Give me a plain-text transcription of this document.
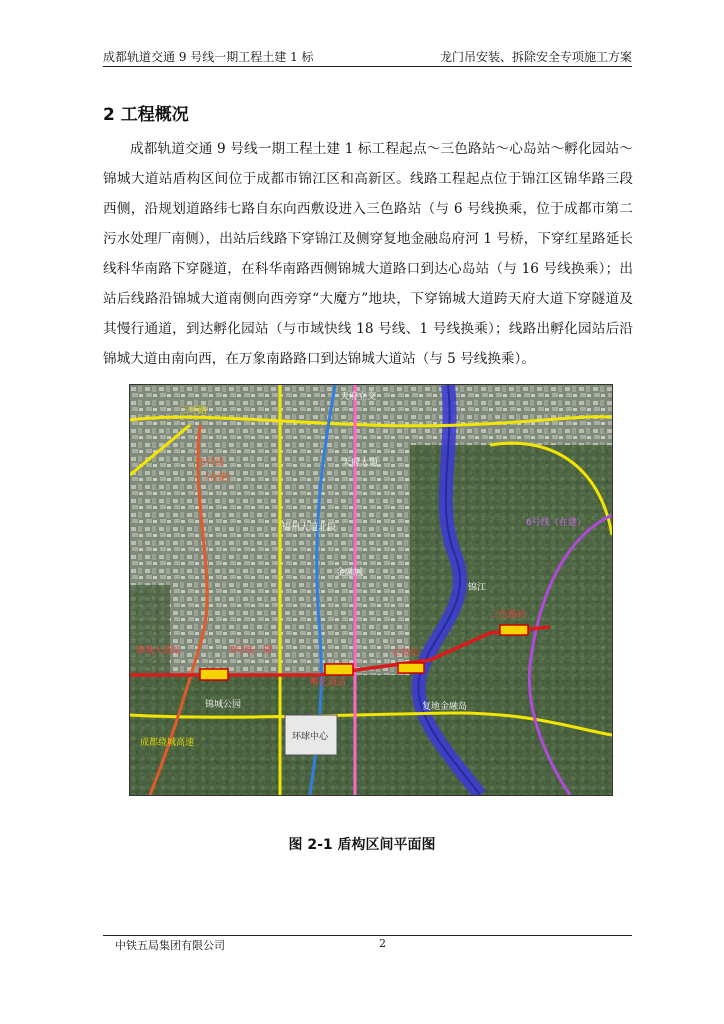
成都轨道交通 9 号线一期工程土建 1 标	龙门吊安装、拆除安全专项施工方案
2 工程概况
成都轨道交通 9 号线一期工程土建 1 标工程起点～三色路站～心岛站～孵化园站～锦城大道站盾构区间位于成都市锦江区和高新区。线路工程起点位于锦江区锦华路三段西侧，沿规划道路纬七路自东向西敷设进入三色路站（与 6 号线换乘，位于成都市第二污水处理厂南侧），出站后线路下穿锦江及侧穿复地金融岛府河 1 号桥，下穿红星路延长线科华南路下穿隧道，在科华南路西侧锦城大道路口到达心岛站（与 16 号线换乘）；出站后线路沿锦城大道南侧向西旁穿“大魔方”地块，下穿锦城大道跨天府大道下穿隧道及其慢行通道，到达孵化园站（与市域快线 18 号线、1 号线换乘）；线路出孵化园站后沿锦城大道由南向西，在万象南路路口到达锦城大道站（与 5 号线换乘）。
三环路
5号线
（在建）
天府大道
锦州大道北段
锦江
金融城
6号线（在建）
复地金融岛
锦城公园
环球中心
成都绕城高速
锦城大道站
孵化园站
心岛站
三色路站
9号线一期
天府立交
图 2-1 盾构区间平面图
中铁五局集团有限公司	2
